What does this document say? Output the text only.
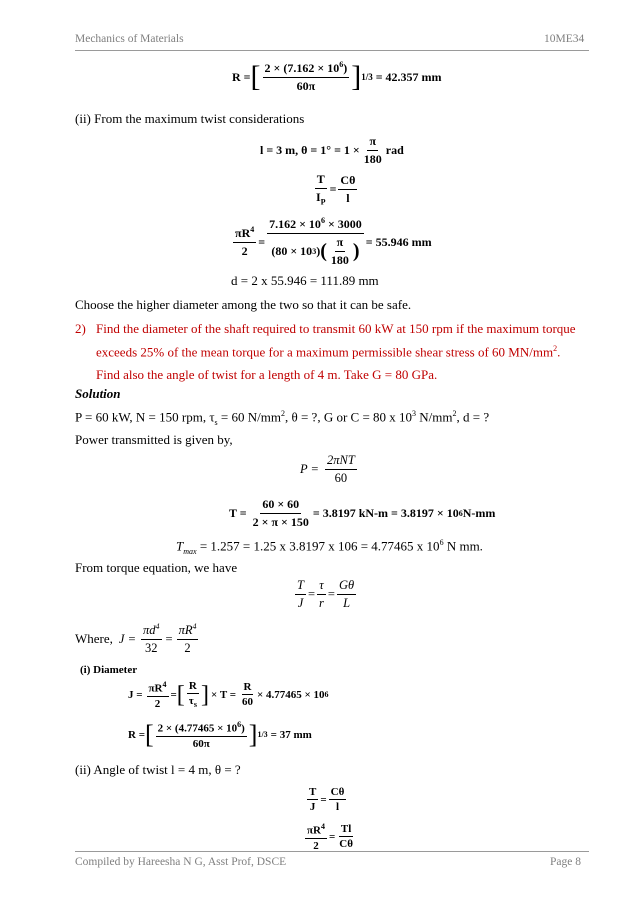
Mechanics of Materials	10ME34
R = [ $\frac{2 \times (7.162 \times 10^6)}{60\pi}$ ] 1/3 = 42.357 mm
(ii) From the maximum twist considerations
l = 3 m, $\theta = 1^\circ = 1 \times \frac{\pi}{180}$ rad
$\frac{T}{I_P} = \frac{C\theta}{l}$
$\frac{\pi R^4}{2} = \frac{7.162 \times 10^6 \times 3000}{(80 \times 10 3 ) ( \frac{\pi}{180} )} = 55.946$ mm
d = 2 x 55.946 = 111.89 mm
Choose the higher diameter among the two so that it can be safe.
2) Find the diameter of the shaft required to transmit 60 kW at 150 rpm if the maximum torque
exceeds 25% of the mean torque for a maximum permissible shear stress of 60 $MN/mm^2$.
Find also the angle of twist for a length of 4 m. Take G = 80 GPa.
Solution
P = 60 kW, N = 150 rpm, $\tau_s = 60$ $N/mm^2$, θ = ?, G or C = 80 x $10^3$ $N/mm^2$, d = ?
Power transmitted is given by,
$P = \frac{\text{2πNT}}{60}$
$T = \frac{60 \times 60}{2 \times \pi \times 150} = 3.8197$ kN-m = 3.8197 × 10 6 N-mm
$T_{max} = 1.257 = 1.25$ x 3.8197 x 106 = 4.77465 x $10^6$ N mm.
From torque equation, we have
$\frac{T}{J} = \frac{\tau}{r} = \frac{G\theta}{L}$
Where, $J = \frac{\pi d^4}{32} = \frac{\pi R^4}{2}$
(i) Diameter
$J = \frac{\pi R^4}{2}$ = [ $\frac{R}{\tau_s}$ ] × $T = \frac{R}{60} \times 4.77465 \times 10$ 6
R = [ $\frac{2 \times (4.77465 \times 10^6)}{60\pi}$ ] 1/3 = 37 mm
(ii) Angle of twist l = 4 m, θ = ?
$\frac{T}{J} = \frac{C\theta}{l}$
$\frac{\pi R^4}{2} = \frac{Tl}{C\theta}$
Compiled by Hareesha N G, Asst Prof, DSCE	Page 8
